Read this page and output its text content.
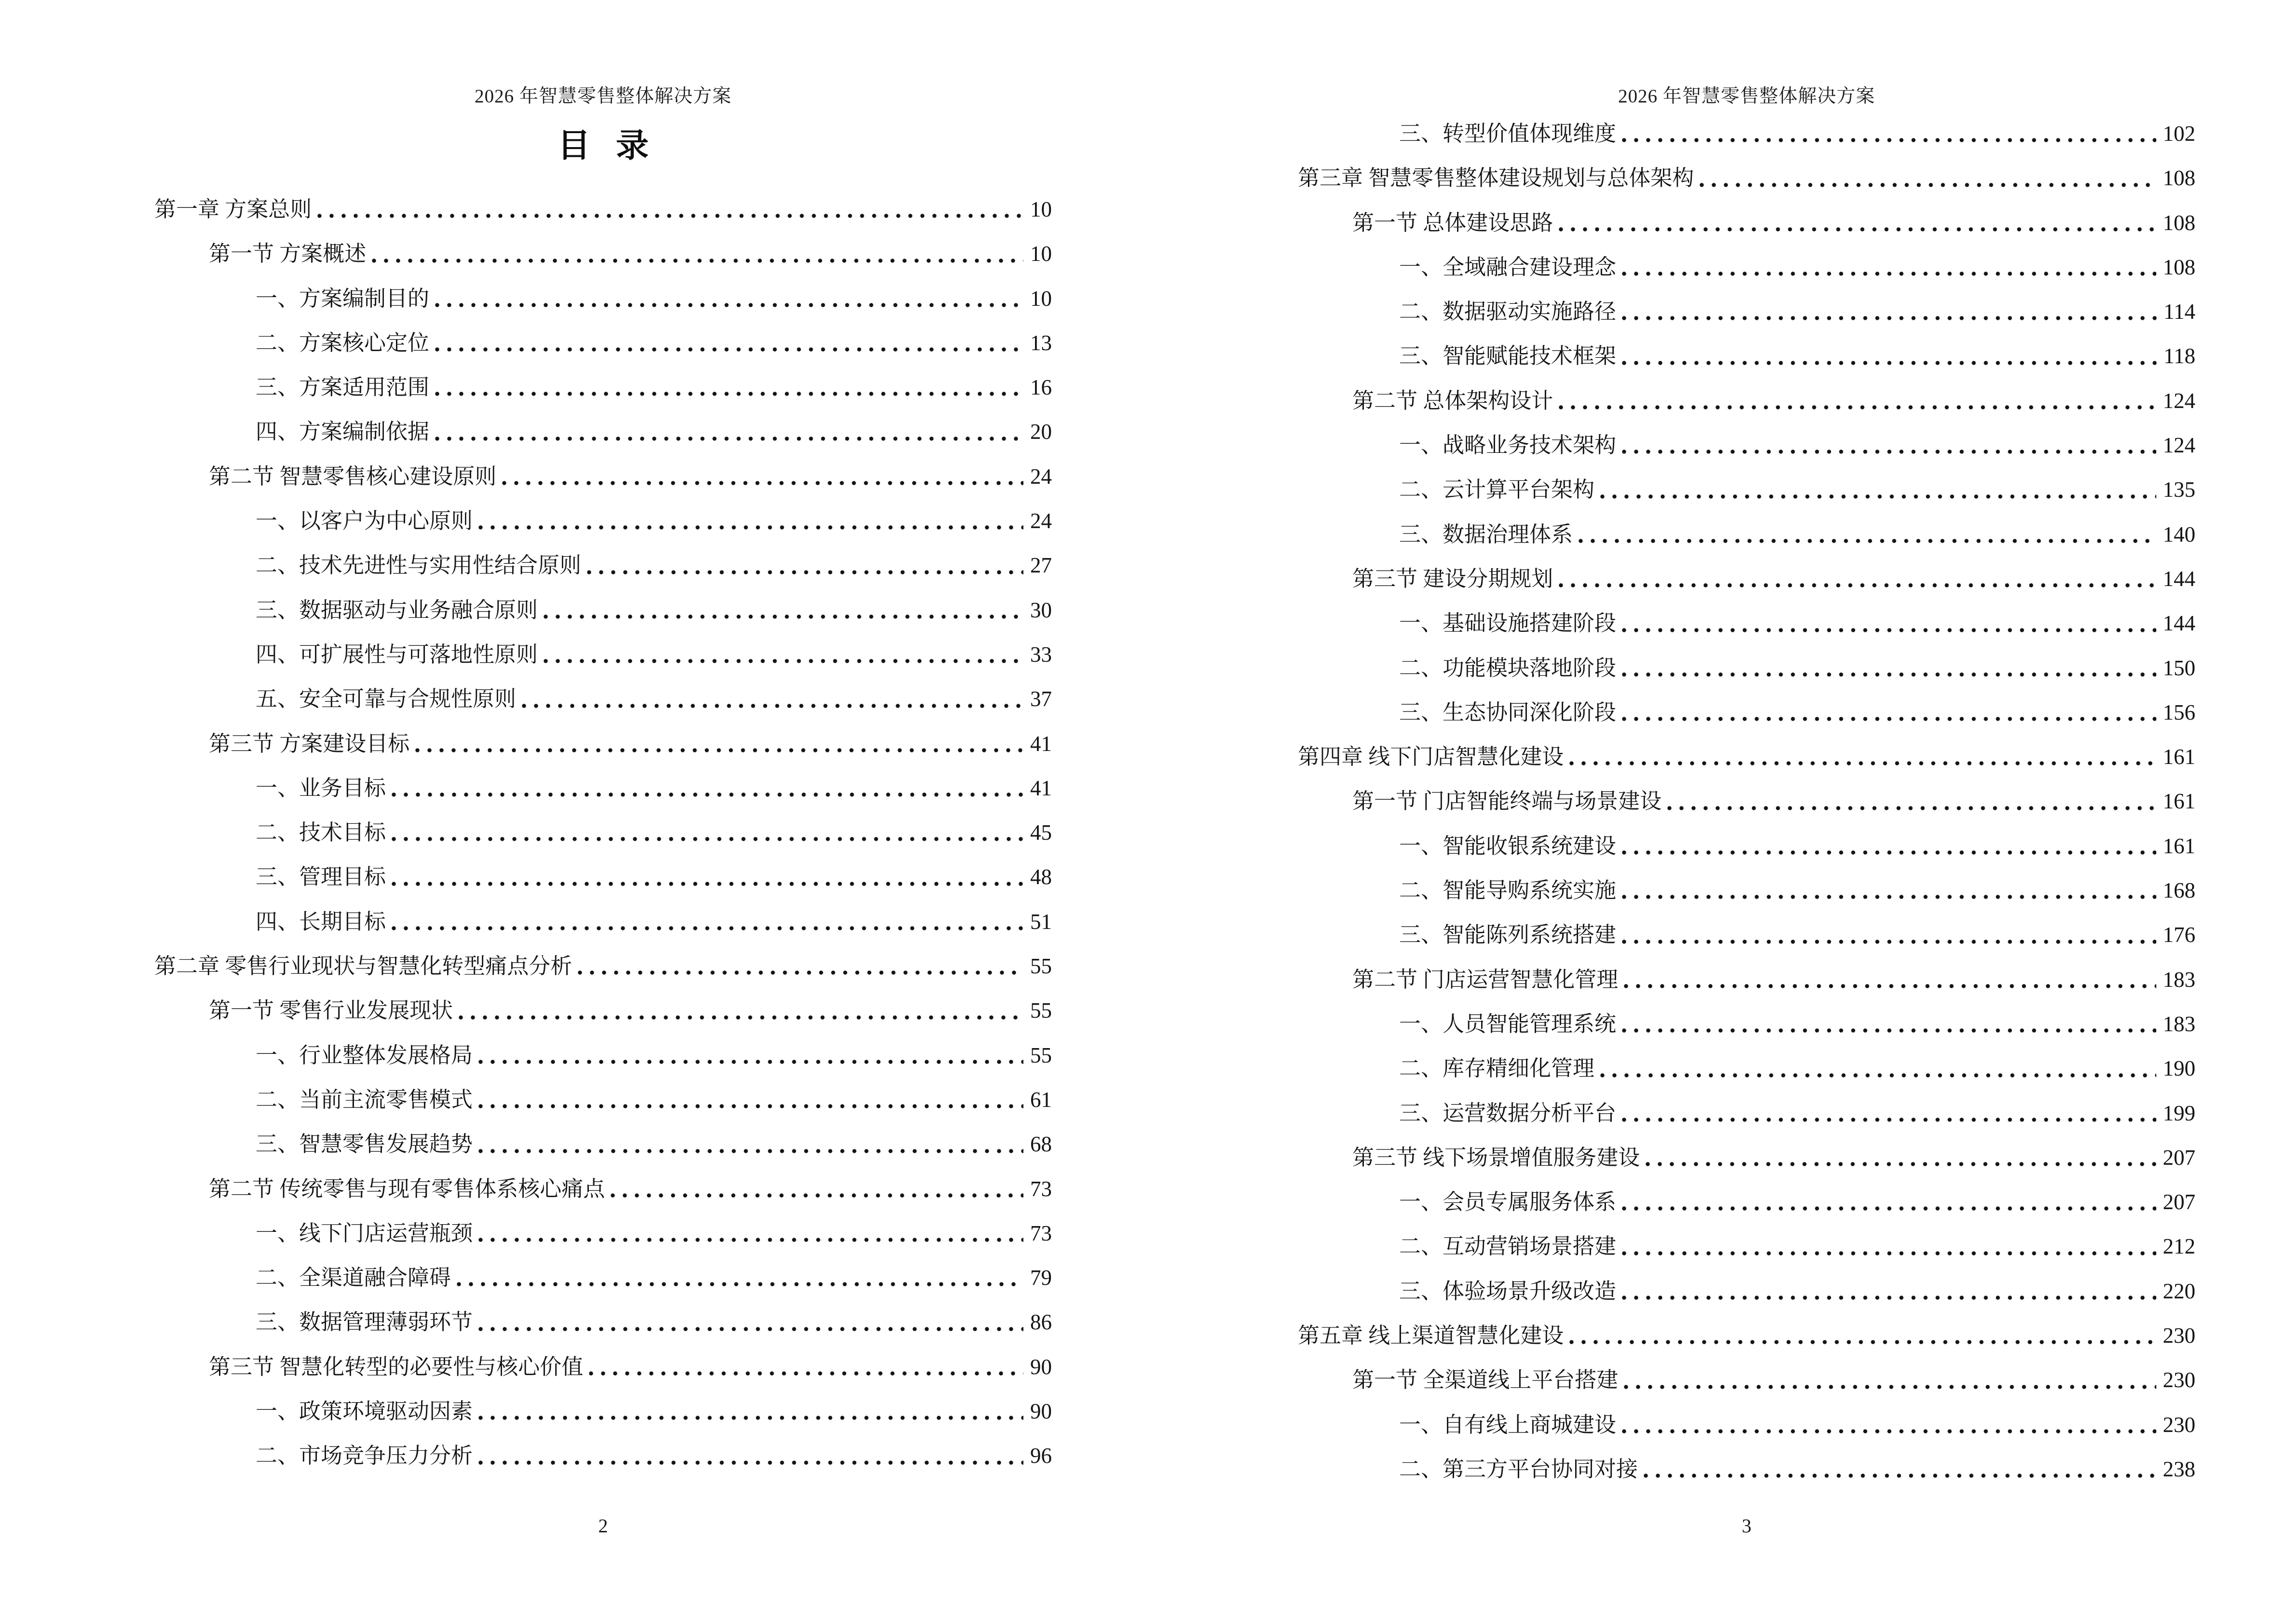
2026 年智慧零售整体解决方案
目 录
第一章 方案总则	10
第一节 方案概述	10
一、方案编制目的	10
二、方案核心定位	13
三、方案适用范围	16
四、方案编制依据	20
第二节 智慧零售核心建设原则	24
一、以客户为中心原则	24
二、技术先进性与实用性结合原则	27
三、数据驱动与业务融合原则	30
四、可扩展性与可落地性原则	33
五、安全可靠与合规性原则	37
第三节 方案建设目标	41
一、业务目标	41
二、技术目标	45
三、管理目标	48
四、长期目标	51
第二章 零售行业现状与智慧化转型痛点分析	55
第一节 零售行业发展现状	55
一、行业整体发展格局	55
二、当前主流零售模式	61
三、智慧零售发展趋势	68
第二节 传统零售与现有零售体系核心痛点	73
一、线下门店运营瓶颈	73
二、全渠道融合障碍	79
三、数据管理薄弱环节	86
第三节 智慧化转型的必要性与核心价值	90
一、政策环境驱动因素	90
二、市场竞争压力分析	96
2
2026 年智慧零售整体解决方案
三、转型价值体现维度	102
第三章 智慧零售整体建设规划与总体架构	108
第一节 总体建设思路	108
一、全域融合建设理念	108
二、数据驱动实施路径	114
三、智能赋能技术框架	118
第二节 总体架构设计	124
一、战略业务技术架构	124
二、云计算平台架构	135
三、数据治理体系	140
第三节 建设分期规划	144
一、基础设施搭建阶段	144
二、功能模块落地阶段	150
三、生态协同深化阶段	156
第四章 线下门店智慧化建设	161
第一节 门店智能终端与场景建设	161
一、智能收银系统建设	161
二、智能导购系统实施	168
三、智能陈列系统搭建	176
第二节 门店运营智慧化管理	183
一、人员智能管理系统	183
二、库存精细化管理	190
三、运营数据分析平台	199
第三节 线下场景增值服务建设	207
一、会员专属服务体系	207
二、互动营销场景搭建	212
三、体验场景升级改造	220
第五章 线上渠道智慧化建设	230
第一节 全渠道线上平台搭建	230
一、自有线上商城建设	230
二、第三方平台协同对接	238
3
